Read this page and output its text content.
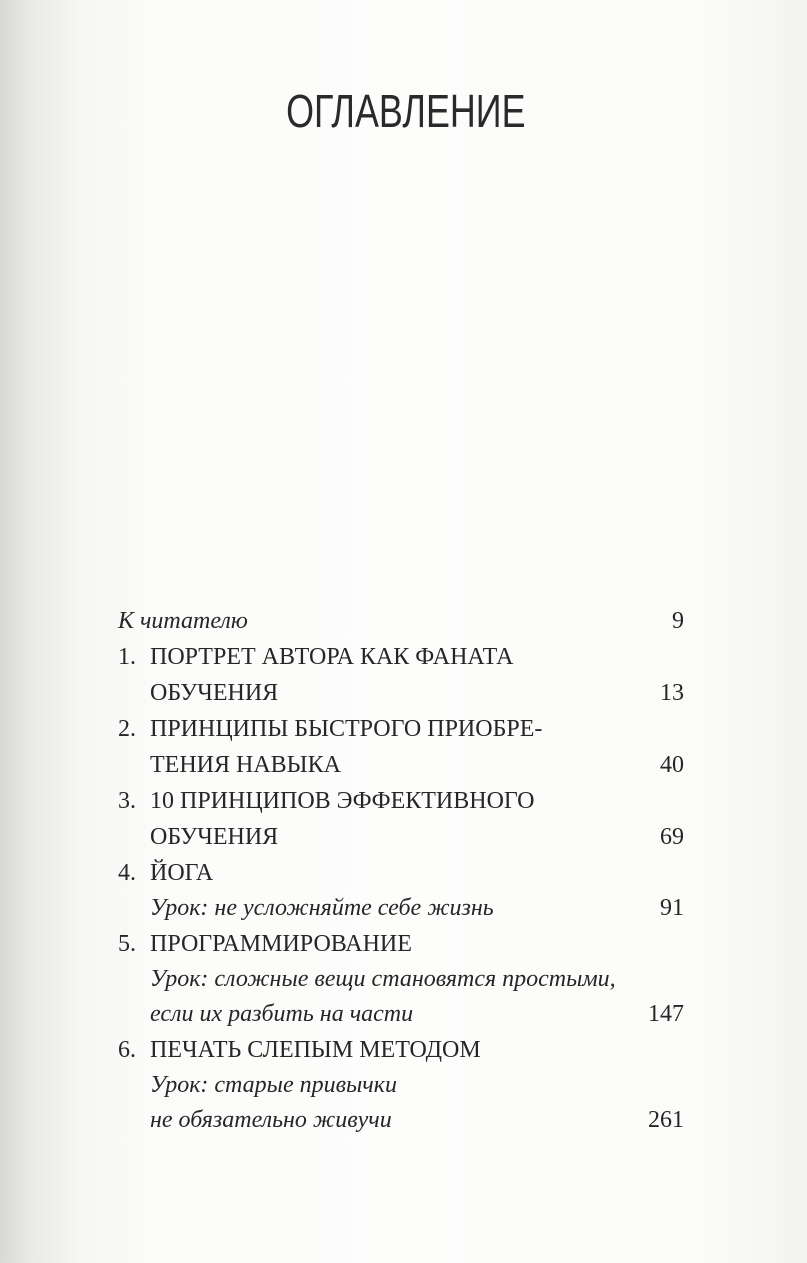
ОГЛАВЛЕНИЕ
К читателю	9
1. ПОРТРЕТ АВТОРА КАК ФАНАТА
ОБУЧЕНИЯ	13
2. ПРИНЦИПЫ БЫСТРОГО ПРИОБРЕ-
ТЕНИЯ НАВЫКА	40
3. 10 ПРИНЦИПОВ ЭФФЕКТИВНОГО
ОБУЧЕНИЯ	69
4. ЙОГА
Урок: не усложняйте себе жизнь	91
5. ПРОГРАММИРОВАНИЕ
Урок: сложные вещи становятся простыми,
если их разбить на части	147
6. ПЕЧАТЬ СЛЕПЫМ МЕТОДОМ
Урок: старые привычки
не обязательно живучи	261
